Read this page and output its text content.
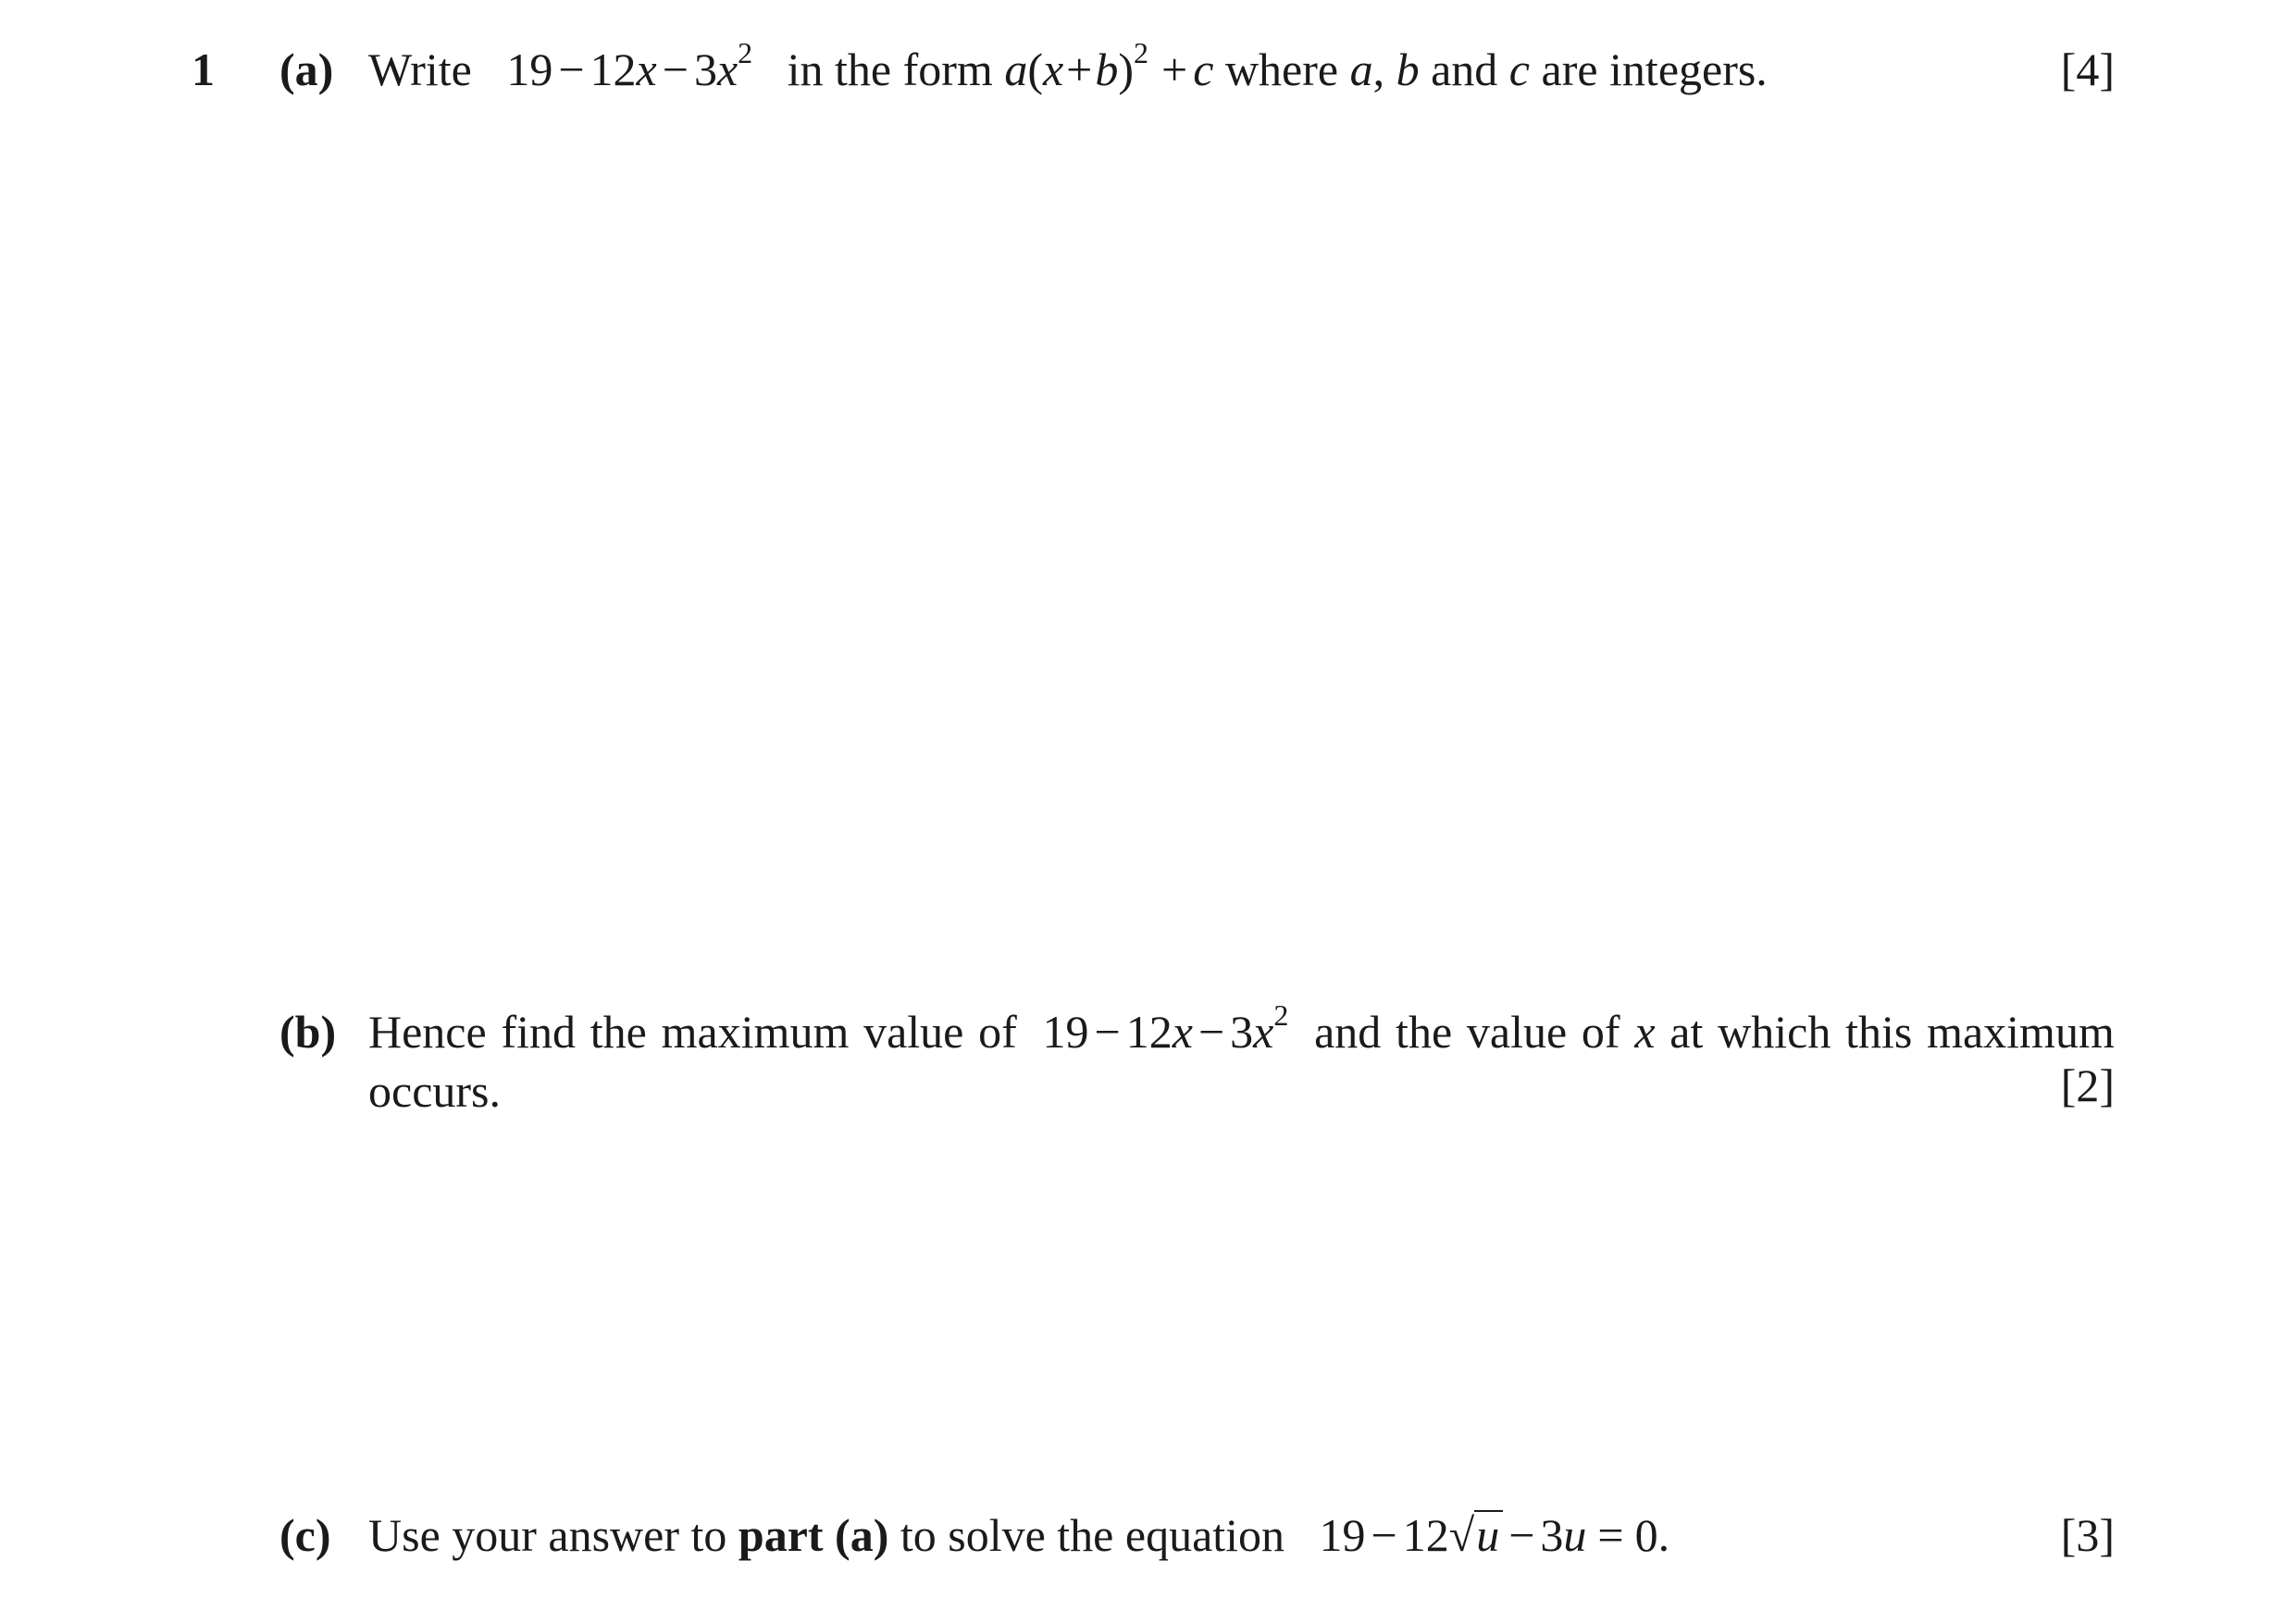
1 (a) Write $19 - 12x - 3x^2$ in the form $a(x+b)^2 + c$ where a, b and c are integers.	[4]
(b) Hence find the maximum value of $19 - 12x - 3x^2$ and the value of x at which this maximum
occurs.	[2]
(c) Use your answer to part (a) to solve the equation 19 − 12√u − 3u = 0.	[3]
